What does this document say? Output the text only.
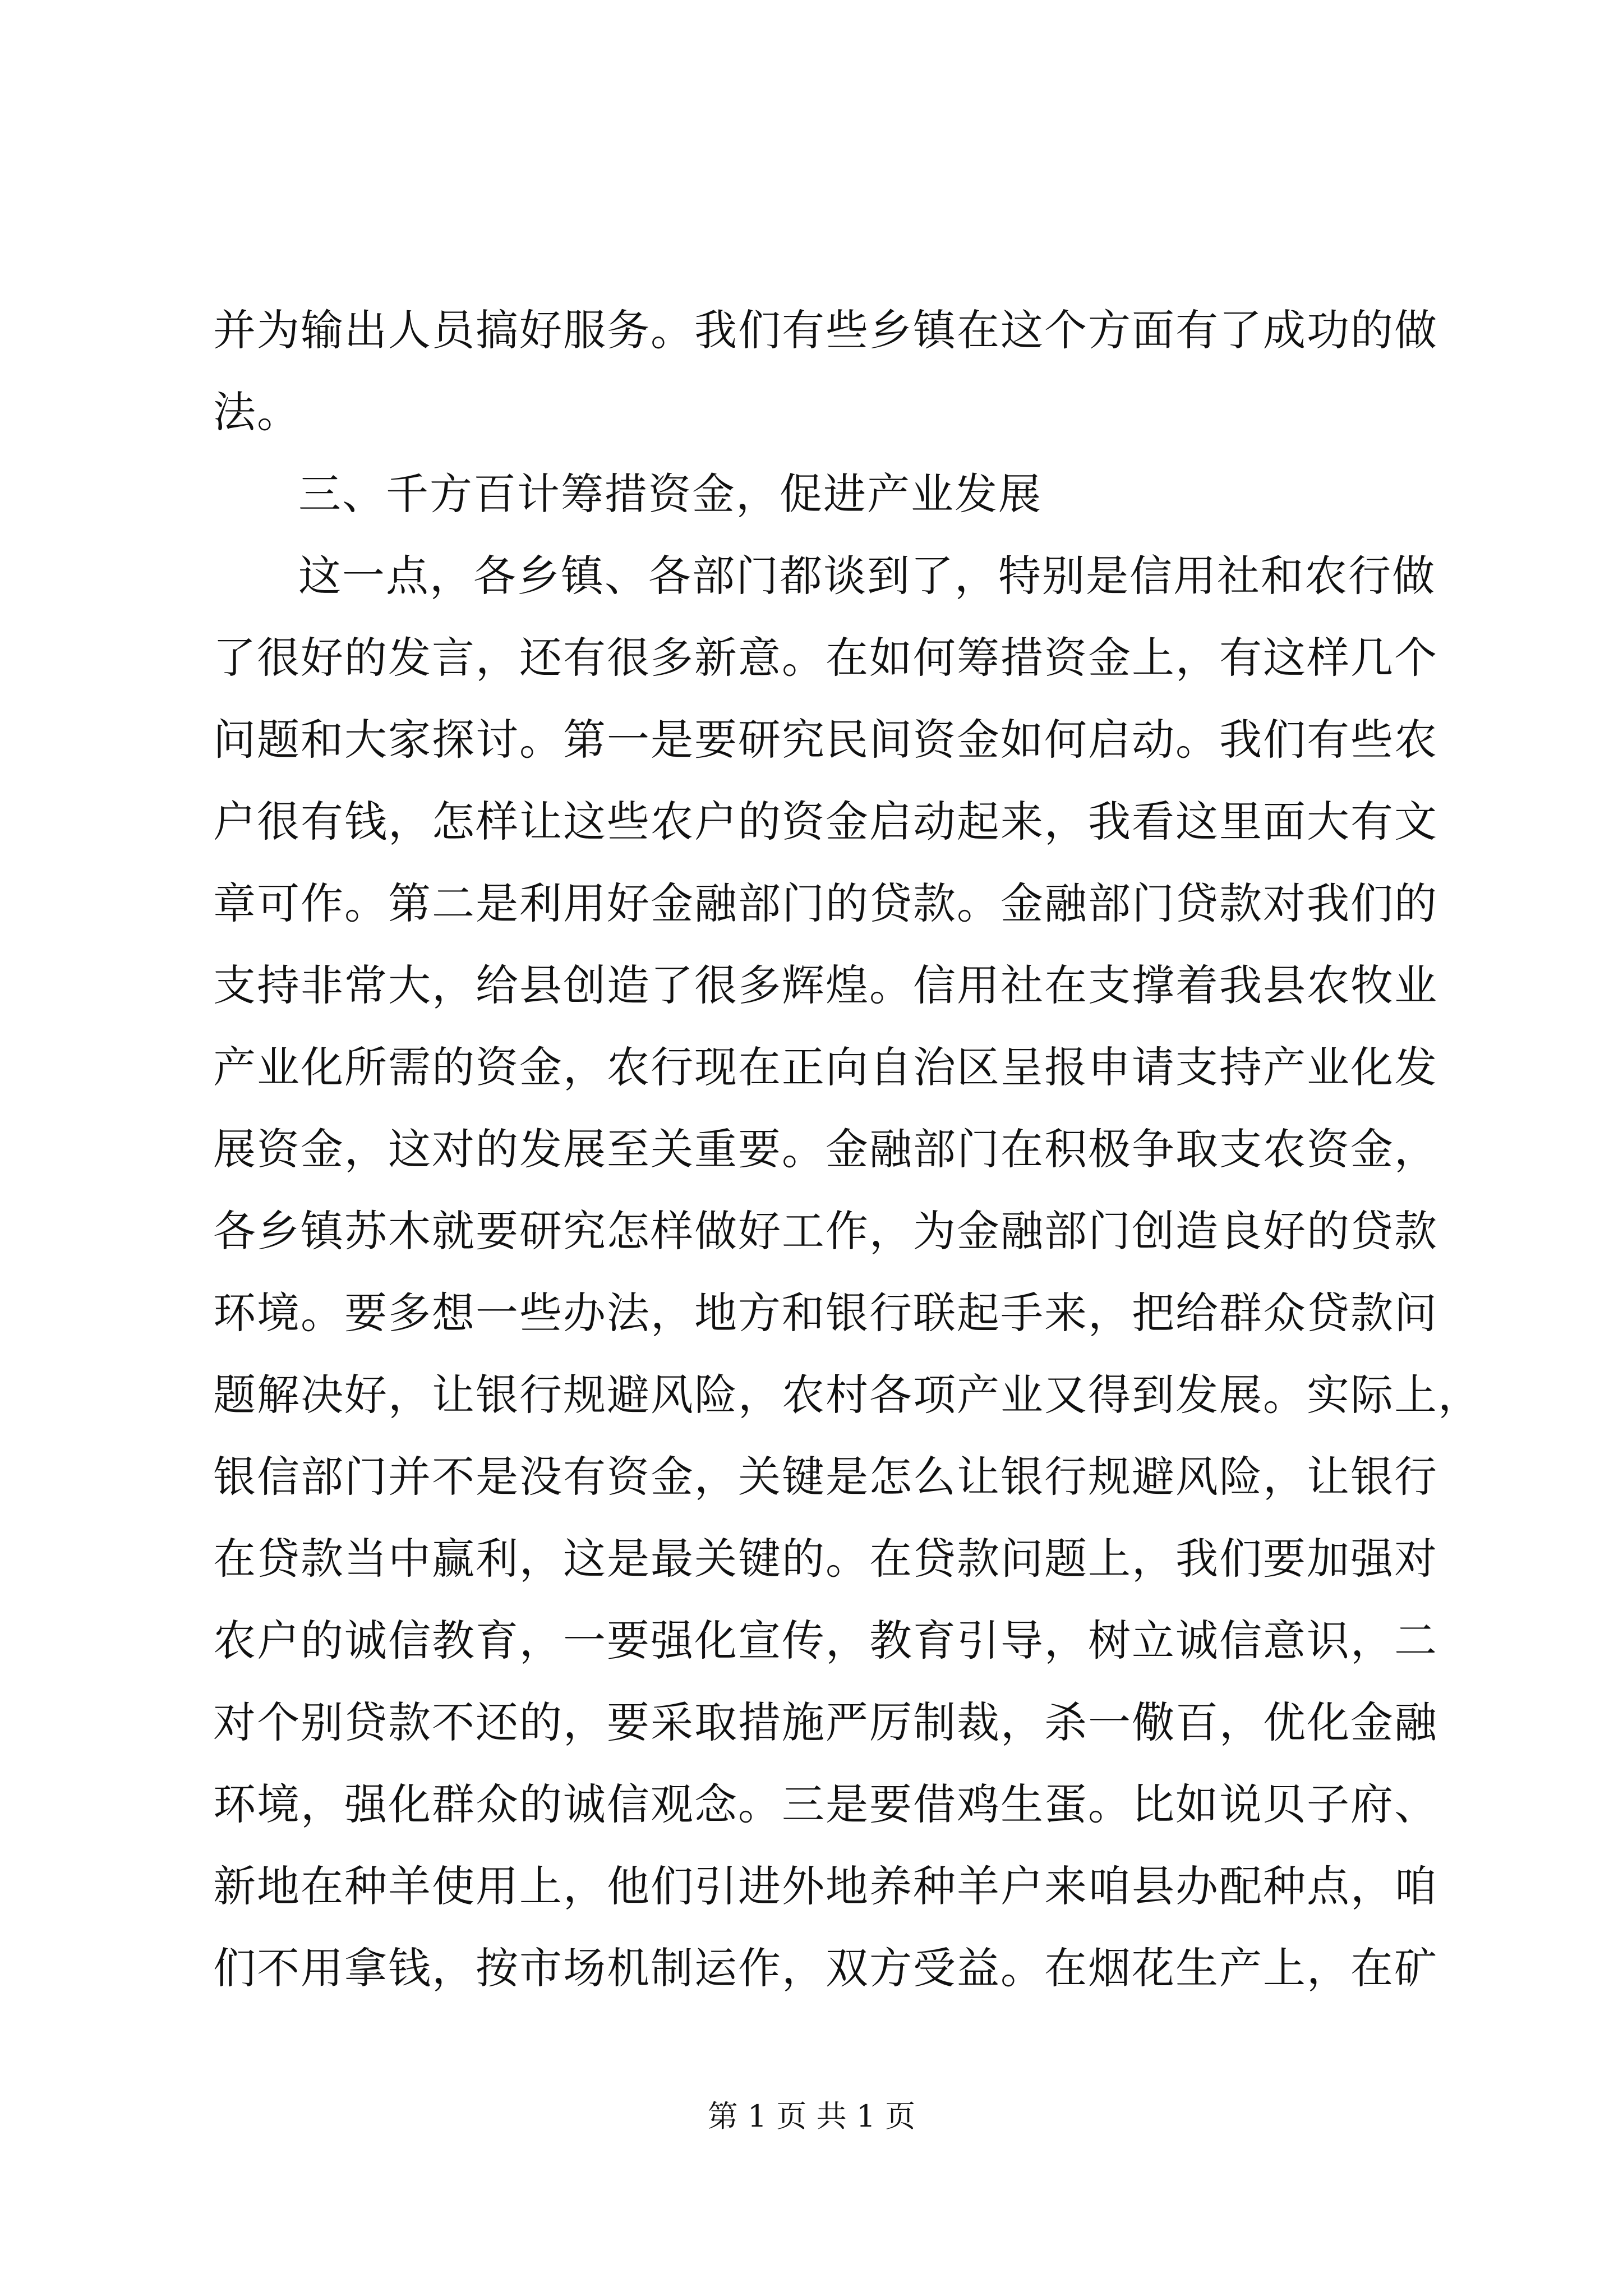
并为输出人员搞好服务。我们有些乡镇在这个方面有了成功的做
法。
三、千方百计筹措资金，促进产业发展
这一点，各乡镇、各部门都谈到了，特别是信用社和农行做
了很好的发言，还有很多新意。在如何筹措资金上，有这样几个
问题和大家探讨。第一是要研究民间资金如何启动。我们有些农
户很有钱，怎样让这些农户的资金启动起来，我看这里面大有文
章可作。第二是利用好金融部门的贷款。金融部门贷款对我们的
支持非常大，给县创造了很多辉煌。信用社在支撑着我县农牧业
产业化所需的资金，农行现在正向自治区呈报申请支持产业化发
展资金，这对的发展至关重要。金融部门在积极争取支农资金，
各乡镇苏木就要研究怎样做好工作，为金融部门创造良好的贷款
环境。要多想一些办法，地方和银行联起手来，把给群众贷款问
题解决好，让银行规避风险，农村各项产业又得到发展。实际上，
银信部门并不是没有资金，关键是怎么让银行规避风险，让银行
在贷款当中赢利，这是最关键的。在贷款问题上，我们要加强对
农户的诚信教育，一要强化宣传，教育引导，树立诚信意识，二
对个别贷款不还的，要采取措施严厉制裁，杀一儆百，优化金融
环境，强化群众的诚信观念。三是要借鸡生蛋。比如说贝子府、
新地在种羊使用上，他们引进外地养种羊户来咱县办配种点，咱
们不用拿钱，按市场机制运作，双方受益。在烟花生产上，在矿
第 1 页 共 1 页
